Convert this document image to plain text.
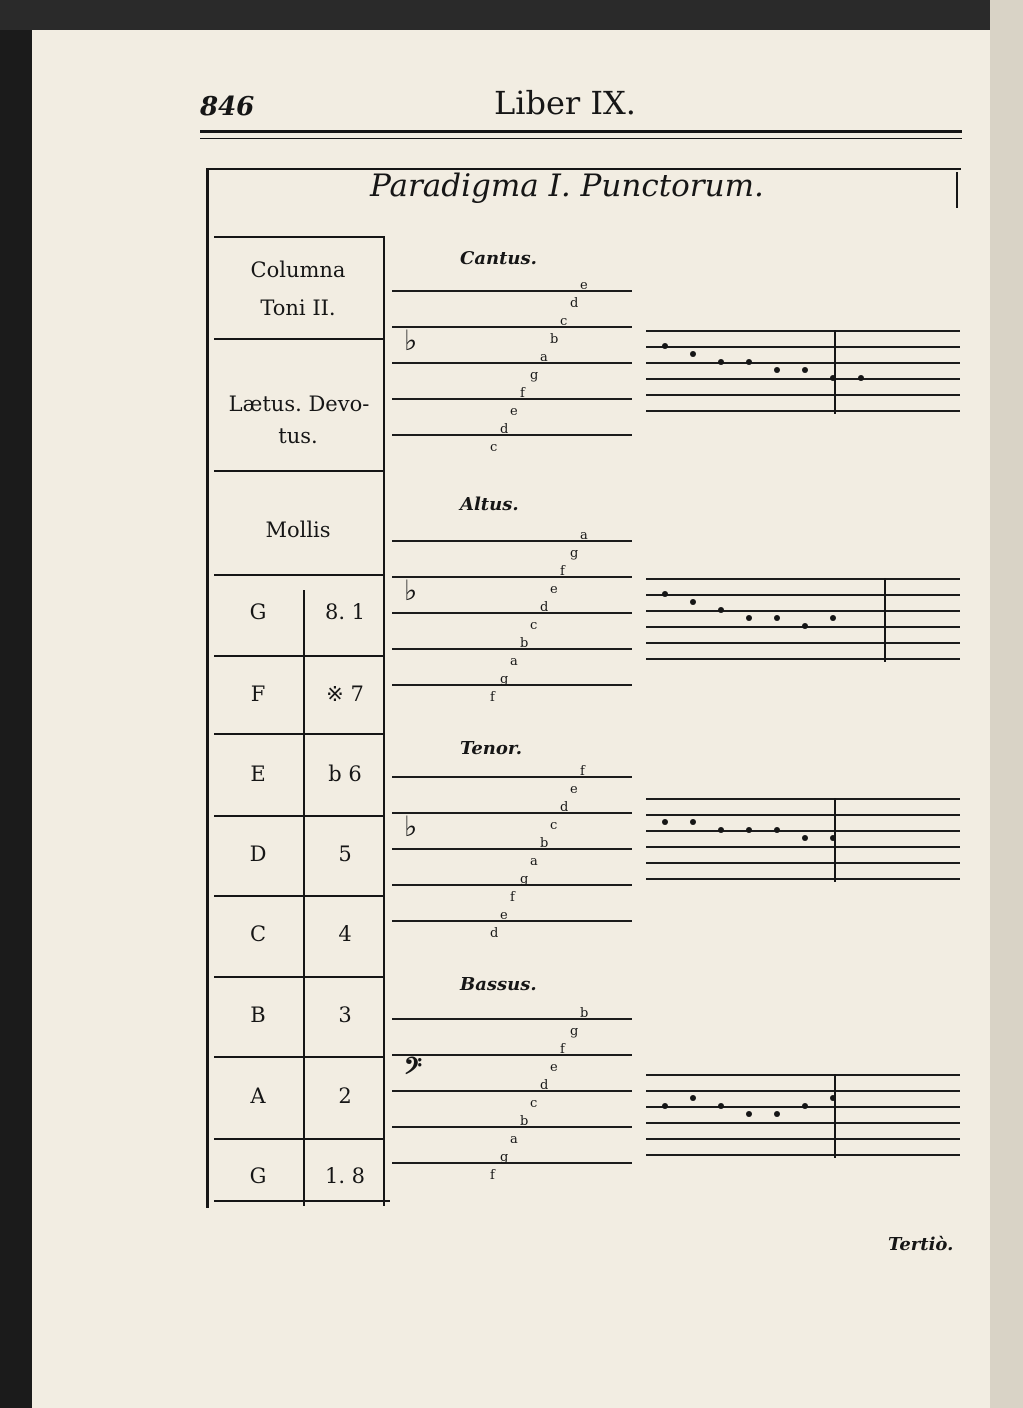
846	Liber IX.
Paradigma I. Punctorum.
Columna
Toni II.
Lætus. Devo-
tus.
Mollis
G	8. 1
F	※ 7
E	b 6
D	5
C	4
B	3
A	2
G	1. 8
Cantus.
♭
e
d
c
b
a
g
f
e
d
c
Altus.
♭
a
g
f
e
d
c
b
a
g
f
Tenor.
♭
f
e
d
c
b
a
g
f
e
d
Bassus.
𝄢
b
g
f
e
d
c
b
a
g
f
Tertiò.
